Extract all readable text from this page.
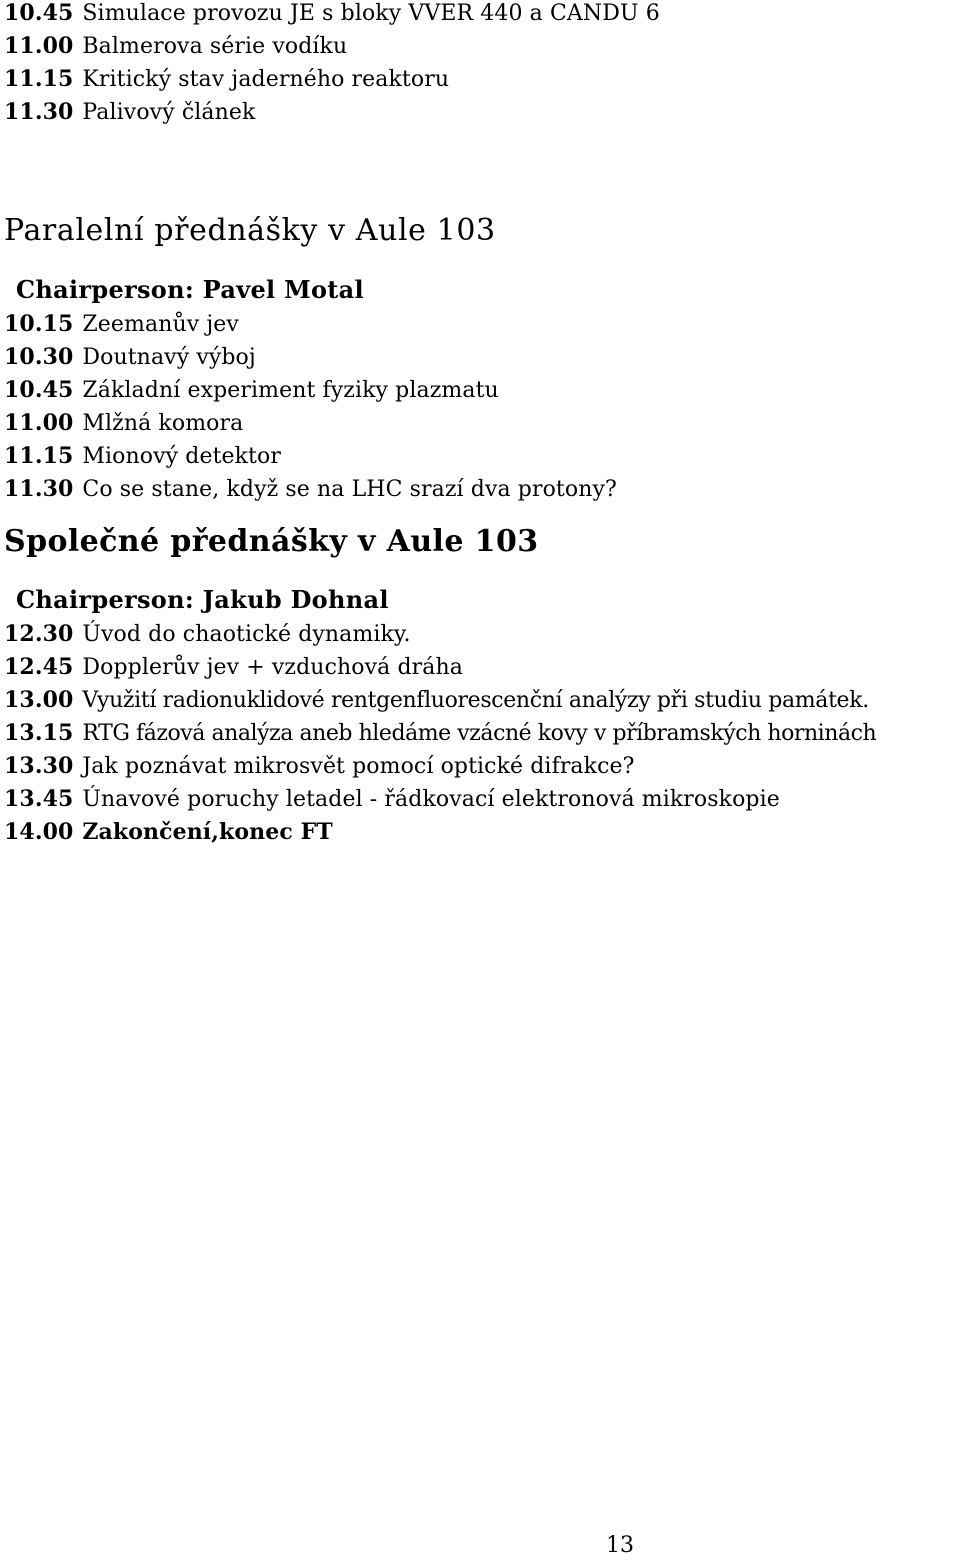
10.45 Simulace provozu JE s bloky VVER 440 a CANDU 6
11.00 Balmerova série vodíku
11.15 Kritický stav jaderného reaktoru
11.30 Palivový článek
Paralelní přednášky v Aule 103
Chairperson: Pavel Motal
10.15 Zeemanův jev
10.30 Doutnavý výboj
10.45 Základní experiment fyziky plazmatu
11.00 Mlžná komora
11.15 Mionový detektor
11.30 Co se stane, když se na LHC srazí dva protony?
Společné přednášky v Aule 103
Chairperson: Jakub Dohnal
12.30 Úvod do chaotické dynamiky.
12.45 Dopplerův jev + vzduchová dráha
13.00 Využití radionuklidové rentgenfluorescenční analýzy při studiu památek.
13.15 RTG fázová analýza aneb hledáme vzácné kovy v příbramských horninách
13.30 Jak poznávat mikrosvět pomocí optické difrakce?
13.45 Únavové poruchy letadel - řádkovací elektronová mikroskopie
14.00 Zakončení,konec FT
13
